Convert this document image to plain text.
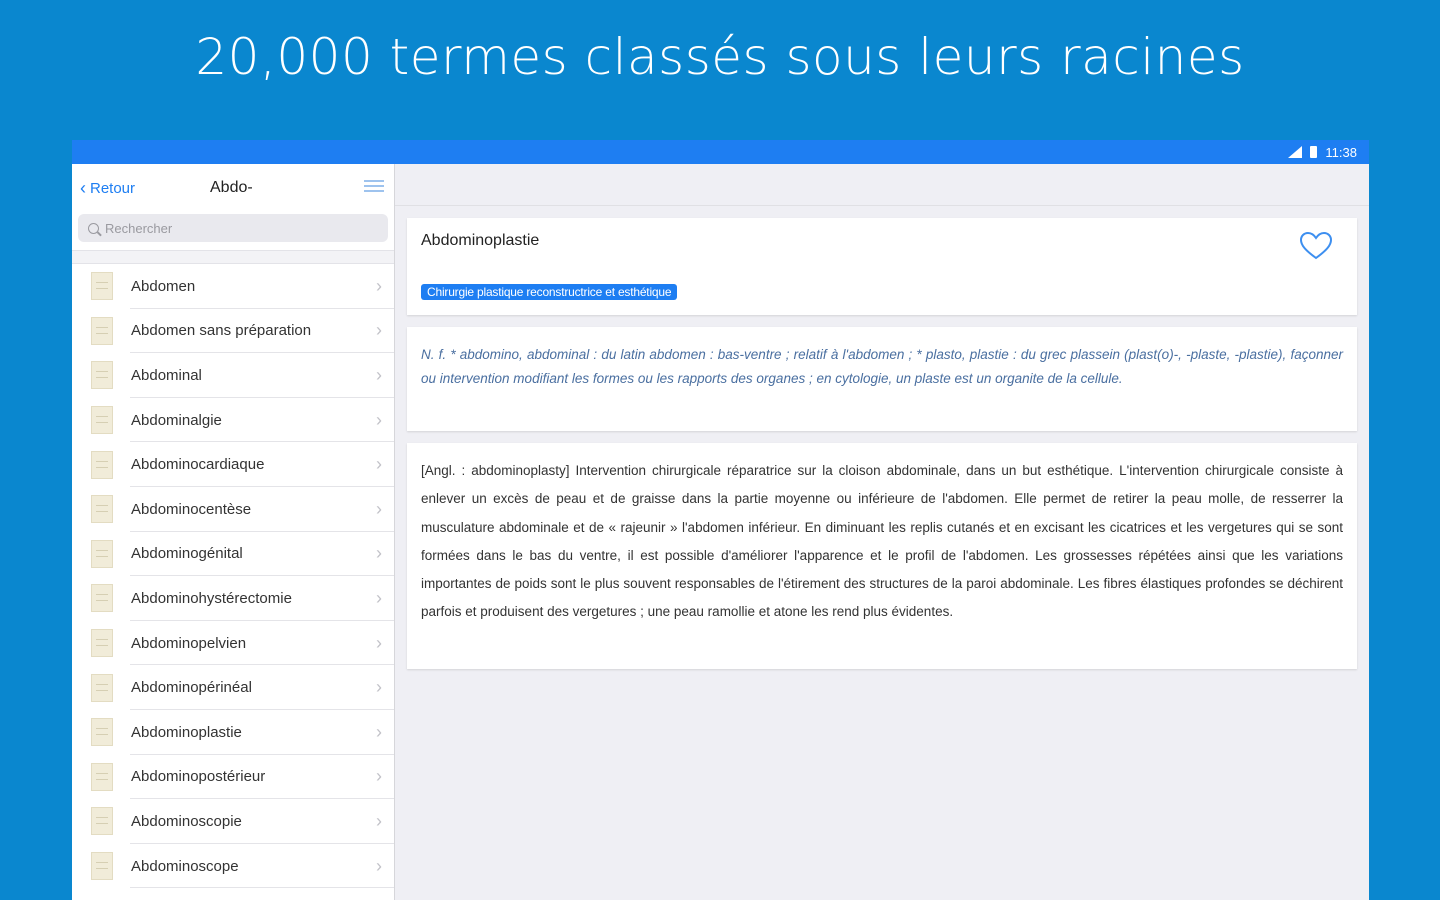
20,000 termes classés sous leurs racines
11:38
‹ Retour	Abdo-
Rechercher
Abdomen	›
Abdomen sans préparation	›
Abdominal	›
Abdominalgie	›
Abdominocardiaque	›
Abdominocentèse	›
Abdominogénital	›
Abdominohystérectomie	›
Abdominopelvien	›
Abdominopérinéal	›
Abdominoplastie	›
Abdominopostérieur	›
Abdominoscopie	›
Abdominoscope	›
Abdominoplastie
Chirurgie plastique reconstructrice et esthétique

N. f. * abdomino, abdominal : du latin abdomen : bas-ventre ; relatif à l'abdomen ; * plasto, plastie : du grec plassein (plast(o)-, -plaste, -plastie), façonner ou intervention modifiant les formes ou les rapports des organes ; en cytologie, un plaste est un organite de la cellule.

[Angl. : abdominoplasty] Intervention chirurgicale réparatrice sur la cloison abdominale, dans un but esthétique. L'intervention chirurgicale consiste à enlever un excès de peau et de graisse dans la partie moyenne ou inférieure de l'abdomen. Elle permet de retirer la peau molle, de resserrer la musculature abdominale et de « rajeunir » l'abdomen inférieur. En diminuant les replis cutanés et en excisant les cicatrices et les vergetures qui se sont formées dans le bas du ventre, il est possible d'améliorer l'apparence et le profil de l'abdomen. Les grossesses répétées ainsi que les variations importantes de poids sont le plus souvent responsables de l'étirement des structures de la paroi abdominale. Les fibres élastiques profondes se déchirent parfois et produisent des vergetures ; une peau ramollie et atone les rend plus évidentes.
